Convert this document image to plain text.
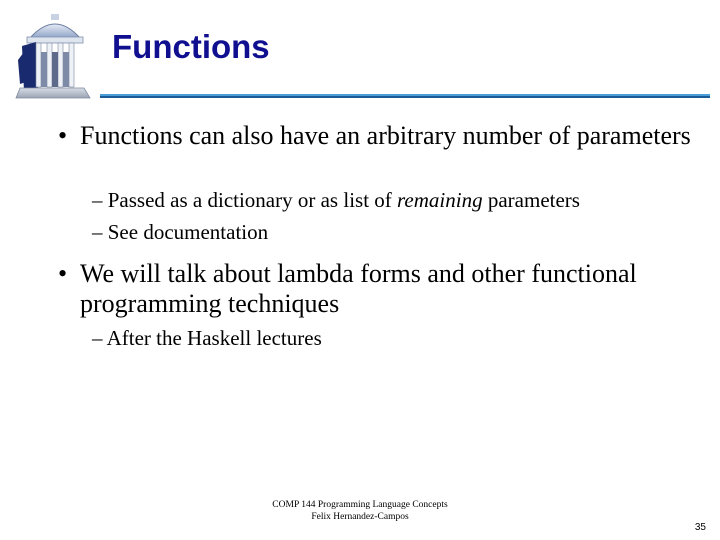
Functions
• Functions can also have an arbitrary number of parameters
– Passed as a dictionary or as list of remaining parameters
– See documentation
• We will talk about lambda forms and other functional programming techniques
– After the Haskell lectures
COMP 144 Programming Language Concepts
Felix Hernandez-Campos
35
